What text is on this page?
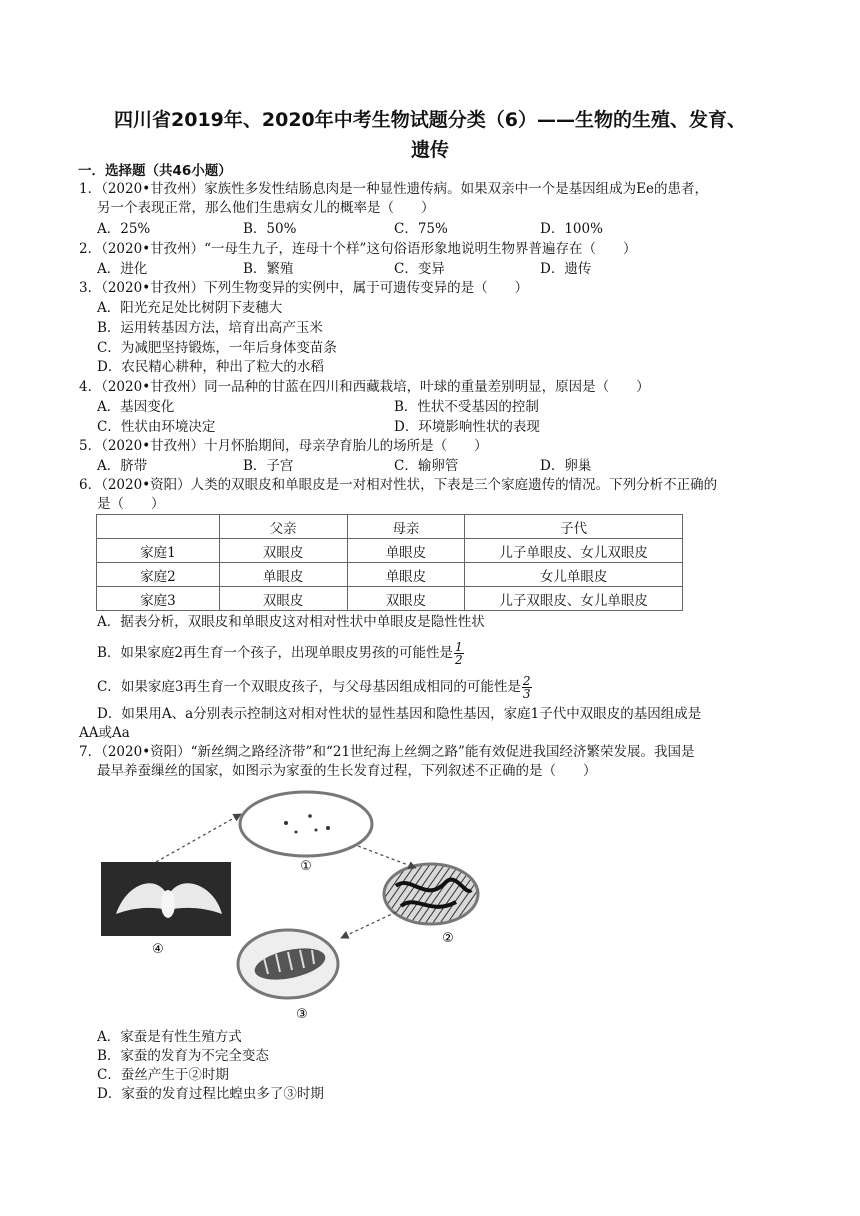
四川省2019年、2020年中考生物试题分类（6）——生物的生殖、发育、
遗传
一．选择题（共46小题）
1．（2020•甘孜州）家族性多发性结肠息肉是一种显性遗传病。如果双亲中一个是基因组成为Ee的患者，
另一个表现正常，那么他们生患病女儿的概率是（　　）
A．25%	B．50%	C．75%	D．100%
2．（2020•甘孜州）“一母生九子，连母十个样”这句俗语形象地说明生物界普遍存在（　　）
A．进化	B．繁殖	C．变异	D．遗传
3．（2020•甘孜州）下列生物变异的实例中，属于可遗传变异的是（　　）
A．阳光充足处比树阴下麦穗大
B．运用转基因方法，培育出高产玉米
C．为减肥坚持锻炼，一年后身体变苗条
D．农民精心耕种，种出了粒大的水稻
4．（2020•甘孜州）同一品种的甘蓝在四川和西藏栽培，叶球的重量差别明显，原因是（　　）
A．基因变化	B．性状不受基因的控制
C．性状由环境决定	D．环境影响性状的表现
5．（2020•甘孜州）十月怀胎期间，母亲孕育胎儿的场所是（　　）
A．脐带	B．子宫	C．输卵管	D．卵巢
6．（2020•资阳）人类的双眼皮和单眼皮是一对相对性状，下表是三个家庭遗传的情况。下列分析不正确的
是（　　）
	父亲	母亲	子代
家庭1	双眼皮	单眼皮	儿子单眼皮、女儿双眼皮
家庭2	单眼皮	单眼皮	女儿单眼皮
家庭3	双眼皮	双眼皮	儿子双眼皮、女儿单眼皮
A．据表分析，双眼皮和单眼皮这对相对性状中单眼皮是隐性性状
B．如果家庭2再生育一个孩子，出现单眼皮男孩的可能性是 $\frac{1}{2}$
C．如果家庭3再生育一个双眼皮孩子，与父母基因组成相同的可能性是 $\frac{2}{3}$
D．如果用A、a分别表示控制这对相对性状的显性基因和隐性基因，家庭1子代中双眼皮的基因组成是
AA或Aa
7．（2020•资阳）“新丝绸之路经济带”和“21世纪海上丝绸之路”能有效促进我国经济繁荣发展。我国是
最早养蚕缫丝的国家，如图示为家蚕的生长发育过程，下列叙述不正确的是（　　）
①
②
③
④
A．家蚕是有性生殖方式
B．家蚕的发育为不完全变态
C．蚕丝产生于②时期
D．家蚕的发育过程比蝗虫多了③时期
